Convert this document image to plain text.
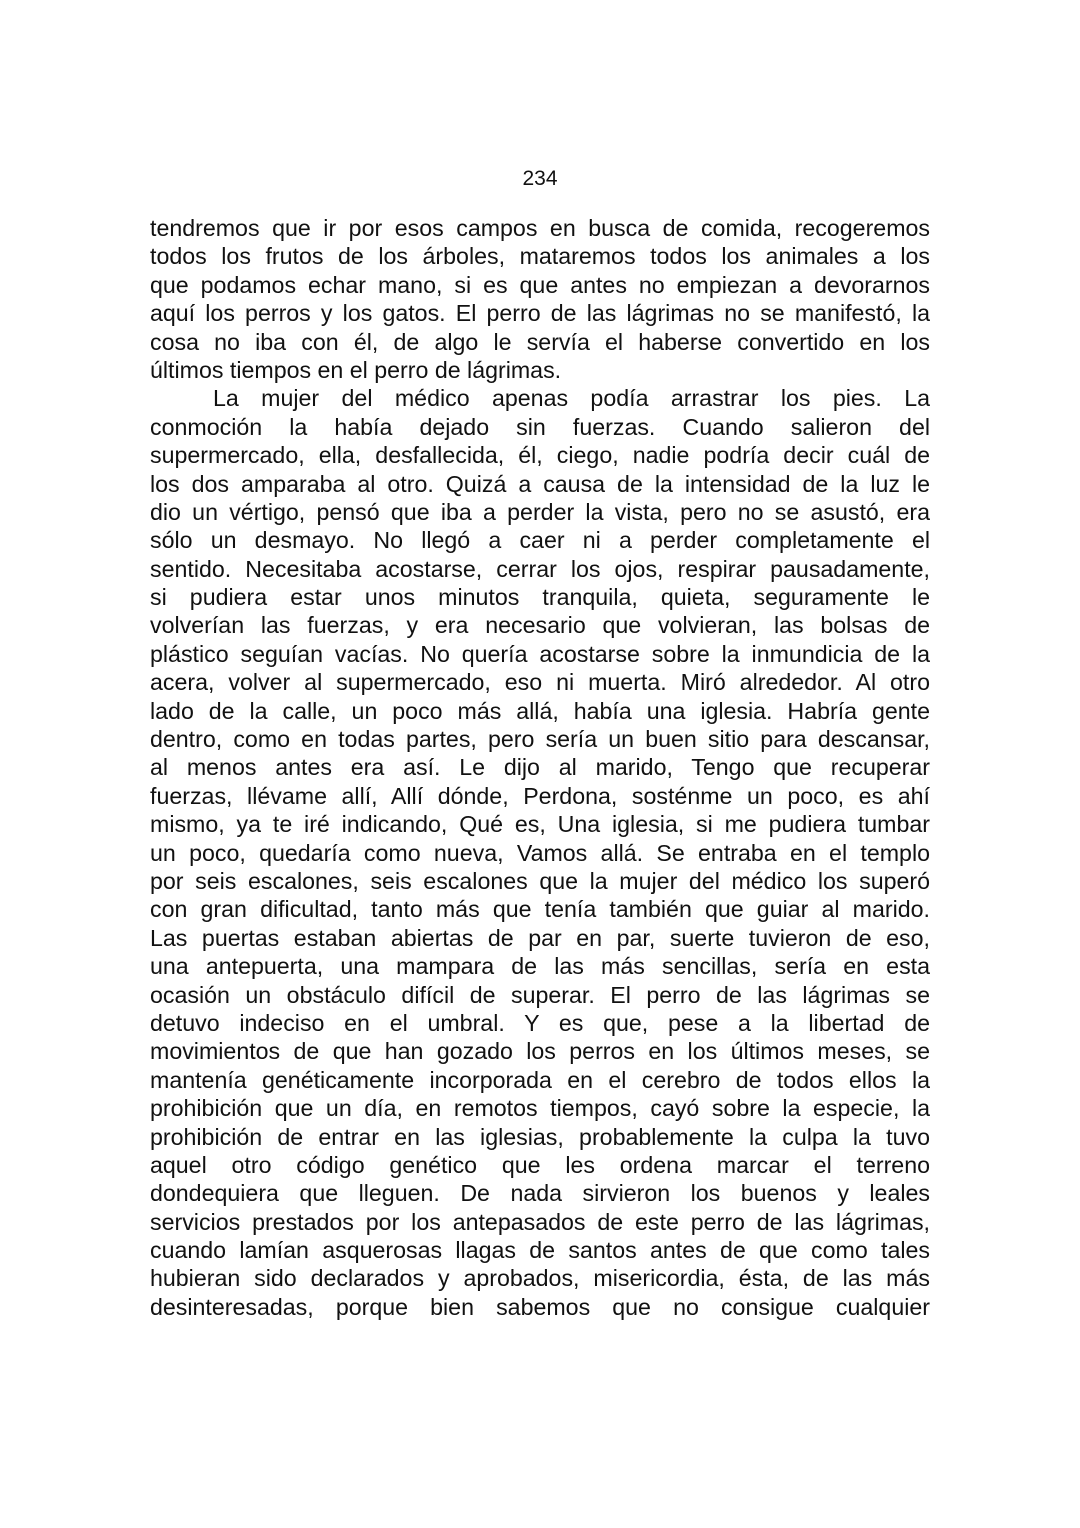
234
tendremos que ir por esos campos en busca de comida, recogeremos
todos los frutos de los árboles, mataremos todos los animales a los
que podamos echar mano, si es que antes no empiezan a devorarnos
aquí los perros y los gatos. El perro de las lágrimas no se manifestó, la
cosa no iba con él, de algo le servía el haberse convertido en los
últimos tiempos en el perro de lágrimas.
La mujer del médico apenas podía arrastrar los pies. La
conmoción la había dejado sin fuerzas. Cuando salieron del
supermercado, ella, desfallecida, él, ciego, nadie podría decir cuál de
los dos amparaba al otro. Quizá a causa de la intensidad de la luz le
dio un vértigo, pensó que iba a perder la vista, pero no se asustó, era
sólo un desmayo. No llegó a caer ni a perder completamente el
sentido. Necesitaba acostarse, cerrar los ojos, respirar pausadamente,
si pudiera estar unos minutos tranquila, quieta, seguramente le
volverían las fuerzas, y era necesario que volvieran, las bolsas de
plástico seguían vacías. No quería acostarse sobre la inmundicia de la
acera, volver al supermercado, eso ni muerta. Miró alrededor. Al otro
lado de la calle, un poco más allá, había una iglesia. Habría gente
dentro, como en todas partes, pero sería un buen sitio para descansar,
al menos antes era así. Le dijo al marido, Tengo que recuperar
fuerzas, llévame allí, Allí dónde, Perdona, sosténme un poco, es ahí
mismo, ya te iré indicando, Qué es, Una iglesia, si me pudiera tumbar
un poco, quedaría como nueva, Vamos allá. Se entraba en el templo
por seis escalones, seis escalones que la mujer del médico los superó
con gran dificultad, tanto más que tenía también que guiar al marido.
Las puertas estaban abiertas de par en par, suerte tuvieron de eso,
una antepuerta, una mampara de las más sencillas, sería en esta
ocasión un obstáculo difícil de superar. El perro de las lágrimas se
detuvo indeciso en el umbral. Y es que, pese a la libertad de
movimientos de que han gozado los perros en los últimos meses, se
mantenía genéticamente incorporada en el cerebro de todos ellos la
prohibición que un día, en remotos tiempos, cayó sobre la especie, la
prohibición de entrar en las iglesias, probablemente la culpa la tuvo
aquel otro código genético que les ordena marcar el terreno
dondequiera que lleguen. De nada sirvieron los buenos y leales
servicios prestados por los antepasados de este perro de las lágrimas,
cuando lamían asquerosas llagas de santos antes de que como tales
hubieran sido declarados y aprobados, misericordia, ésta, de las más
desinteresadas, porque bien sabemos que no consigue cualquier
